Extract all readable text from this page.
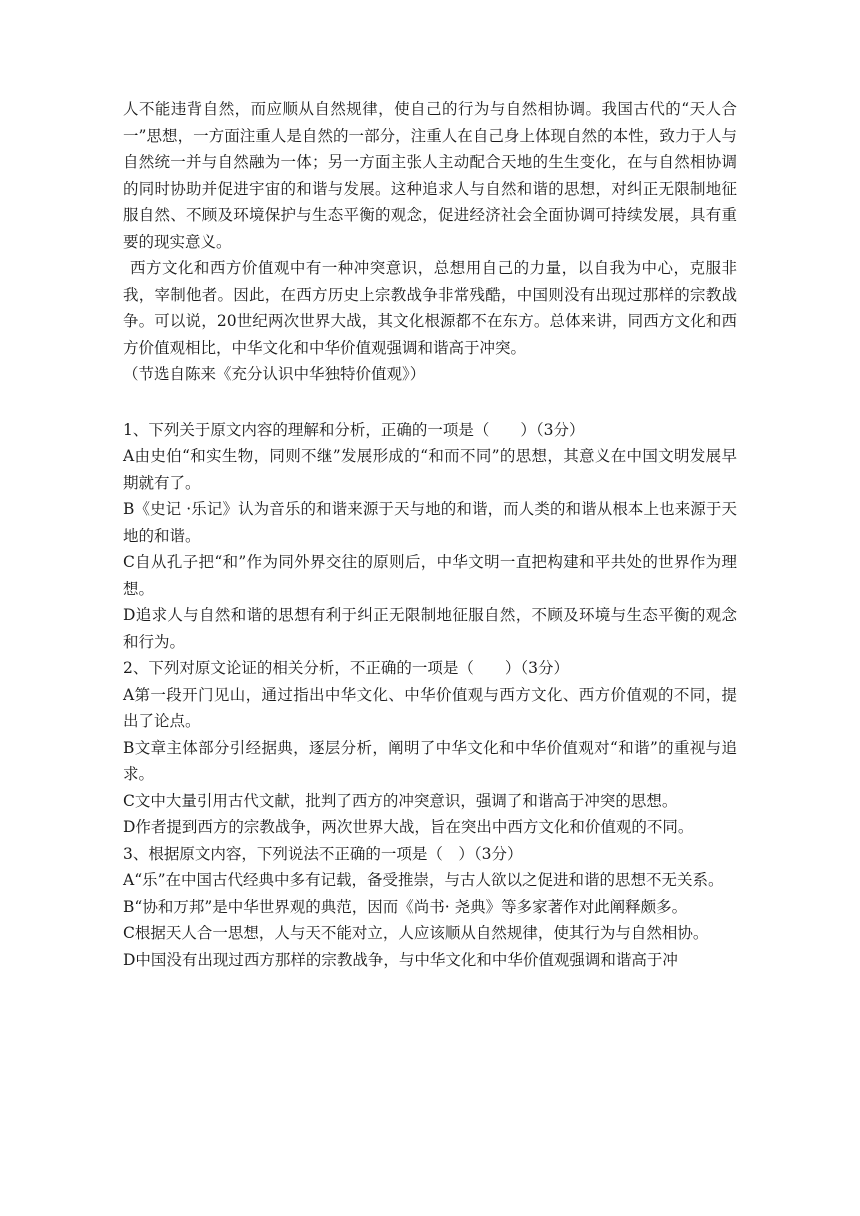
人不能违背自然，而应顺从自然规律，使自己的行为与自然相协调。我国古代的“天人合一”思想，一方面注重人是自然的一部分，注重人在自己身上体现自然的本性，致力于人与自然统一并与自然融为一体；另一方面主张人主动配合天地的生生变化，在与自然相协调的同时协助并促进宇宙的和谐与发展。这种追求人与自然和谐的思想，对纠正无限制地征服自然、不顾及环境保护与生态平衡的观念，促进经济社会全面协调可持续发展，具有重要的现实意义。

西方文化和西方价值观中有一种冲突意识，总想用自己的力量，以自我为中心，克服非我，宰制他者。因此，在西方历史上宗教战争非常残酷，中国则没有出现过那样的宗教战争。可以说，20世纪两次世界大战，其文化根源都不在东方。总体来讲，同西方文化和西方价值观相比，中华文化和中华价值观强调和谐高于冲突。

（节选自陈来《充分认识中华独特价值观》）

1、下列关于原文内容的理解和分析，正确的一项是（　　）（3分）

A由史伯“和实生物，同则不继”发展形成的“和而不同”的思想，其意义在中国文明发展早期就有了。

B《史记 ·乐记》认为音乐的和谐来源于天与地的和谐，而人类的和谐从根本上也来源于天地的和谐。

C自从孔子把“和”作为同外界交往的原则后，中华文明一直把构建和平共处的世界作为理想。

D追求人与自然和谐的思想有利于纠正无限制地征服自然，不顾及环境与生态平衡的观念和行为。

2、下列对原文论证的相关分析，不正确的一项是（　　）（3分）

A第一段开门见山，通过指出中华文化、中华价值观与西方文化、西方价值观的不同，提出了论点。

B文章主体部分引经据典，逐层分析，阐明了中华文化和中华价值观对“和谐”的重视与追求。

C文中大量引用古代文献，批判了西方的冲突意识，强调了和谐高于冲突的思想。

D作者提到西方的宗教战争，两次世界大战，旨在突出中西方文化和价值观的不同。

3、根据原文内容，下列说法不正确的一项是（　）（3分）

A“乐”在中国古代经典中多有记载，备受推崇，与古人欲以之促进和谐的思想不无关系。

B“协和万邦”是中华世界观的典范，因而《尚书· 尧典》等多家著作对此阐释颇多。

C根据天人合一思想，人与天不能对立，人应该顺从自然规律，使其行为与自然相协。

D中国没有出现过西方那样的宗教战争，与中华文化和中华价值观强调和谐高于冲
